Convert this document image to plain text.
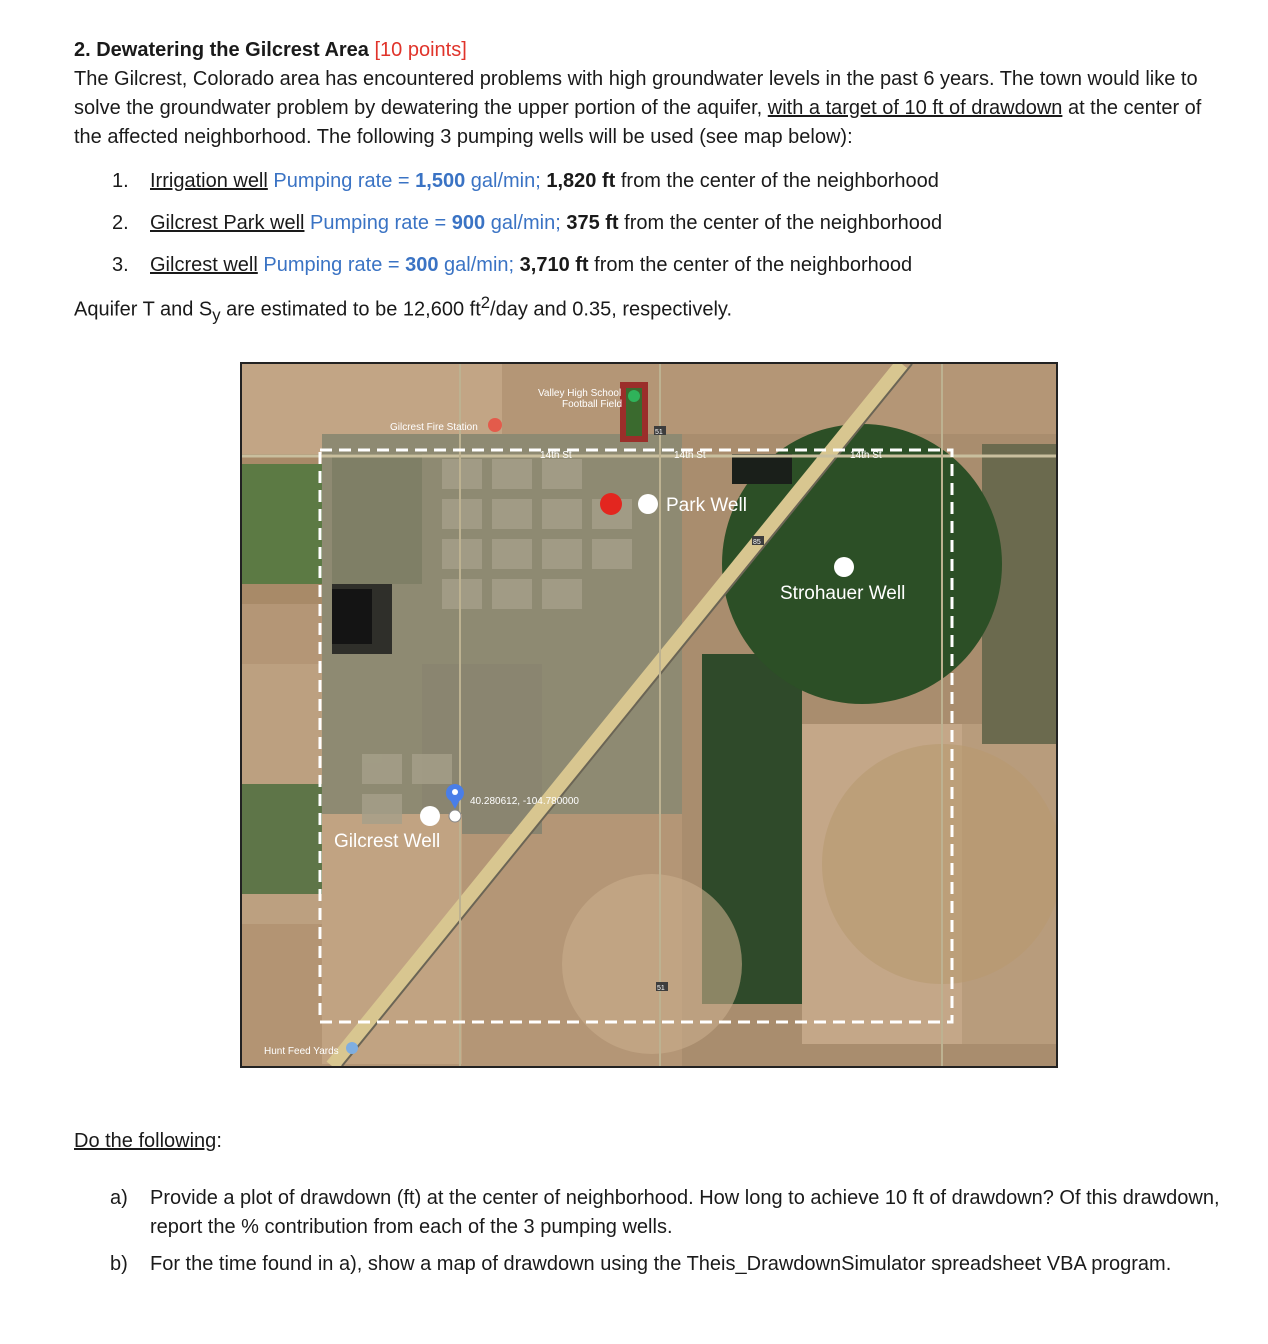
2. Dewatering the Gilcrest Area [10 points]
The Gilcrest, Colorado area has encountered problems with high groundwater levels in the past 6 years. The town would like to solve the groundwater problem by dewatering the upper portion of the aquifer, with a target of 10 ft of drawdown at the center of the affected neighborhood. The following 3 pumping wells will be used (see map below):
1. Irrigation well Pumping rate = 1,500 gal/min; 1,820 ft from the center of the neighborhood
2. Gilcrest Park well Pumping rate = 900 gal/min; 375 ft from the center of the neighborhood
3. Gilcrest well Pumping rate = 300 gal/min; 3,710 ft from the center of the neighborhood
Aquifer T and $S_y$ are estimated to be 12,600 $ft^2$/day and 0.35, respectively.
Park Well
Strohauer Well
Gilcrest Well
40.280612, -104.780000
Gilcrest Fire Station
Valley High School
Football Field
14th St	14th St	14th St
51
85
51
Hunt Feed Yards
Do the following:
a) Provide a plot of drawdown (ft) at the center of neighborhood. How long to achieve 10 ft of drawdown? Of this drawdown, report the % contribution from each of the 3 pumping wells.
b) For the time found in a), show a map of drawdown using the Theis_DrawdownSimulator spreadsheet VBA program.
